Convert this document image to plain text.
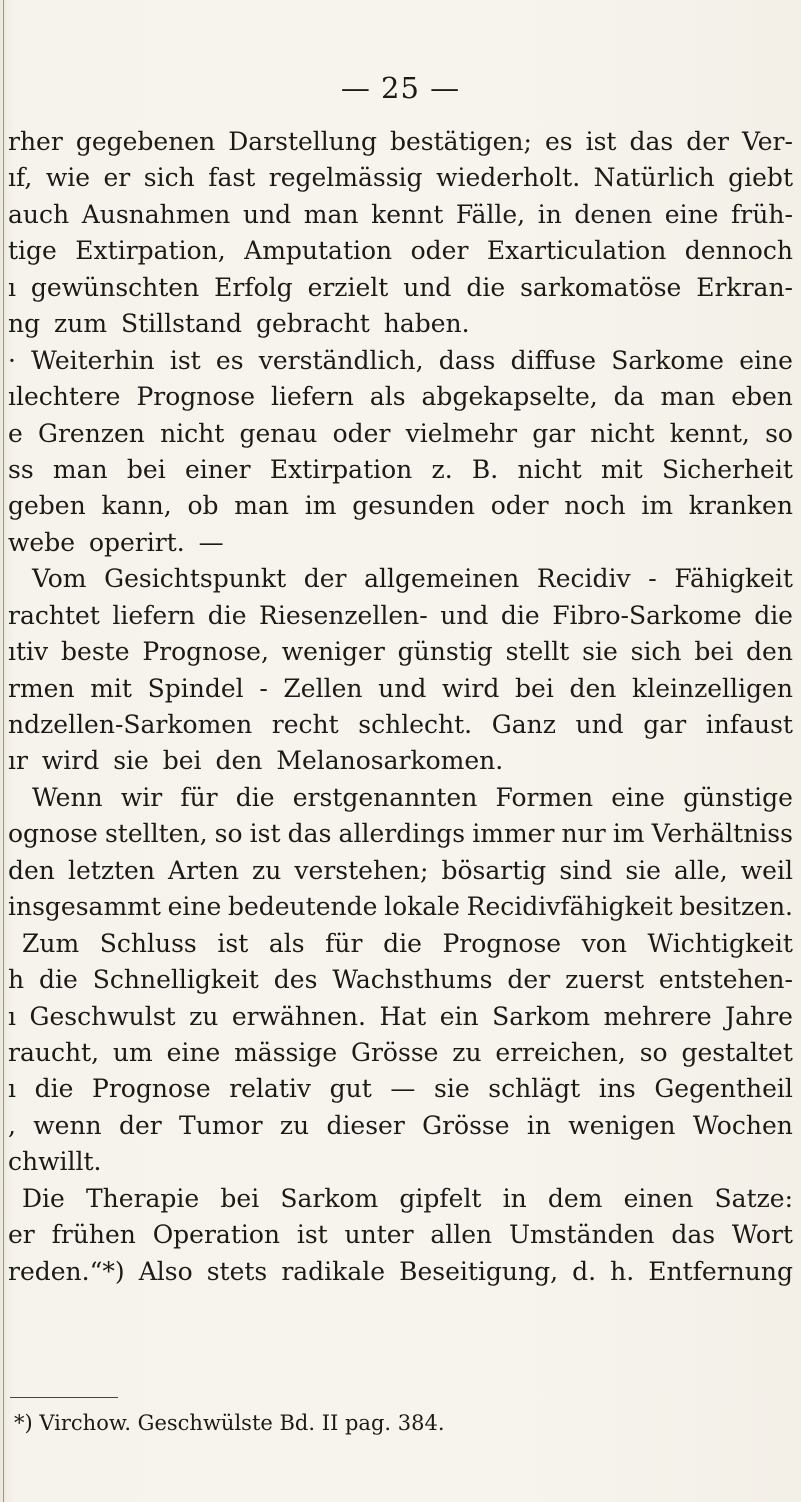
— 25 —
rher gegebenen Darstellung bestätigen; es ist das der Ver-
ıf, wie er sich fast regelmässig wiederholt. Natürlich giebt
auch Ausnahmen und man kennt Fälle, in denen eine früh-
tige Extirpation, Amputation oder Exarticulation dennoch
ı gewünschten Erfolg erzielt und die sarkomatöse Erkran-
ng zum Stillstand gebracht haben.
· Weiterhin ist es verständlich, dass diffuse Sarkome eine
ılechtere Prognose liefern als abgekapselte, da man eben
e Grenzen nicht genau oder vielmehr gar nicht kennt, so
ss man bei einer Extirpation z. B. nicht mit Sicherheit
geben kann, ob man im gesunden oder noch im kranken
webe operirt. —
Vom Gesichtspunkt der allgemeinen Recidiv - Fähigkeit
rachtet liefern die Riesenzellen- und die Fibro-Sarkome die
ıtiv beste Prognose, weniger günstig stellt sie sich bei den
rmen mit Spindel - Zellen und wird bei den kleinzelligen
ndzellen-Sarkomen recht schlecht. Ganz und gar infaust
ır wird sie bei den Melanosarkomen.
Wenn wir für die erstgenannten Formen eine günstige
ognose stellten, so ist das allerdings immer nur im Verhältniss
den letzten Arten zu verstehen; bösartig sind sie alle, weil
insgesammt eine bedeutende lokale Recidivfähigkeit besitzen.
Zum Schluss ist als für die Prognose von Wichtigkeit
h die Schnelligkeit des Wachsthums der zuerst entstehen-
ı Geschwulst zu erwähnen. Hat ein Sarkom mehrere Jahre
raucht, um eine mässige Grösse zu erreichen, so gestaltet
ı die Prognose relativ gut — sie schlägt ins Gegentheil
, wenn der Tumor zu dieser Grösse in wenigen Wochen
chwillt.
Die Therapie bei Sarkom gipfelt in dem einen Satze:
er frühen Operation ist unter allen Umständen das Wort
reden.“*) Also stets radikale Beseitigung, d. h. Entfernung
*) Virchow. Geschwülste Bd. II pag. 384.
